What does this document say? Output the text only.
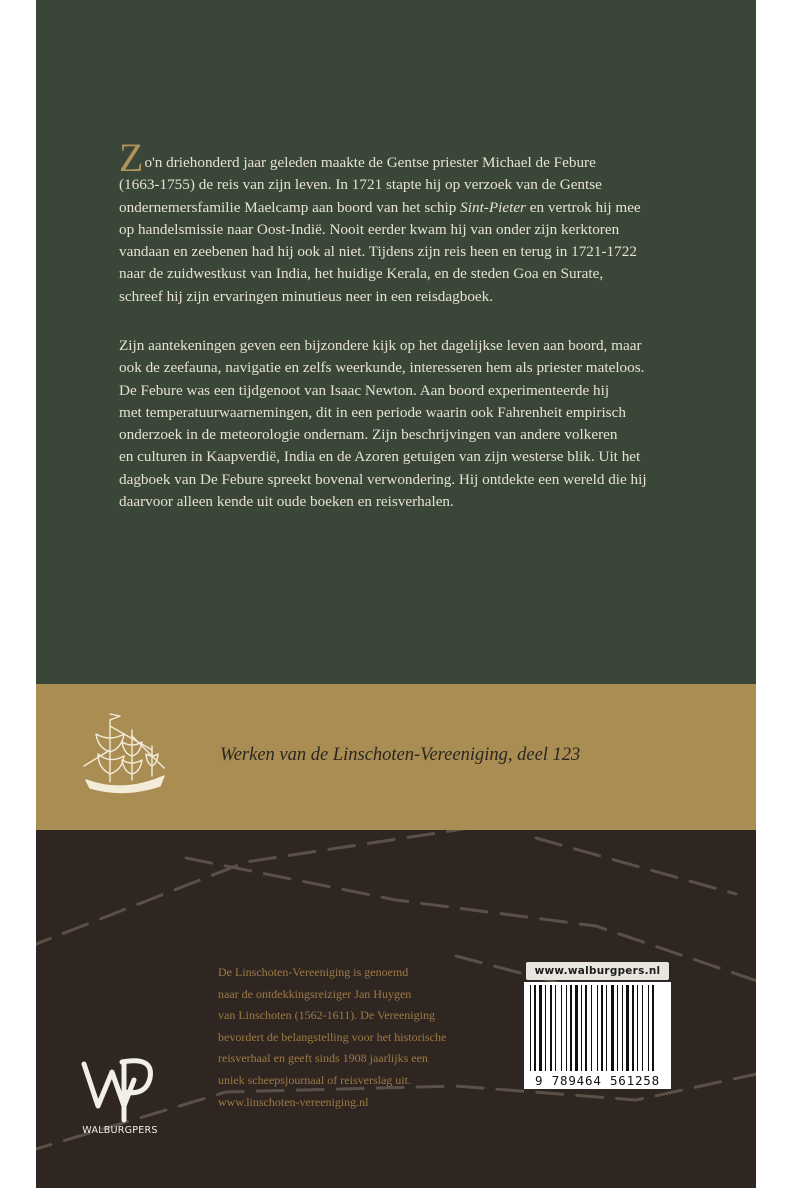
Zo'n driehonderd jaar geleden maakte de Gentse priester Michael de Febure
(1663-1755) de reis van zijn leven. In 1721 stapte hij op verzoek van de Gentse
ondernemersfamilie Maelcamp aan boord van het schip Sint-Pieter en vertrok hij mee
op handelsmissie naar Oost-Indië. Nooit eerder kwam hij van onder zijn kerktoren
vandaan en zeebenen had hij ook al niet. Tijdens zijn reis heen en terug in 1721-1722
naar de zuidwestkust van India, het huidige Kerala, en de steden Goa en Surate,
schreef hij zijn ervaringen minutieus neer in een reisdagboek.

Zijn aantekeningen geven een bijzondere kijk op het dagelijkse leven aan boord, maar
ook de zeefauna, navigatie en zelfs weerkunde, interesseren hem als priester mateloos.
De Febure was een tijdgenoot van Isaac Newton. Aan boord experimenteerde hij
met temperatuurwaarnemingen, dit in een periode waarin ook Fahrenheit empirisch
onderzoek in de meteorologie ondernam. Zijn beschrijvingen van andere volkeren
en culturen in Kaapverdië, India en de Azoren getuigen van zijn westerse blik. Uit het
dagboek van De Febure spreekt bovenal verwondering. Hij ontdekte een wereld die hij
daarvoor alleen kende uit oude boeken en reisverhalen.

Werken van de Linschoten-Vereeniging, deel 123

De Linschoten-Vereeniging is genoemd
naar de ontdekkingsreiziger Jan Huygen
van Linschoten (1562-1611). De Vereeniging
bevordert de belangstelling voor het historische
reisverhaal en geeft sinds 1908 jaarlijks een
uniek scheepsjournaal of reisverslag uit.
www.linschoten-vereeniging.nl

www.walburgpers.nl
9 789464 561258
WALBURGPERS
